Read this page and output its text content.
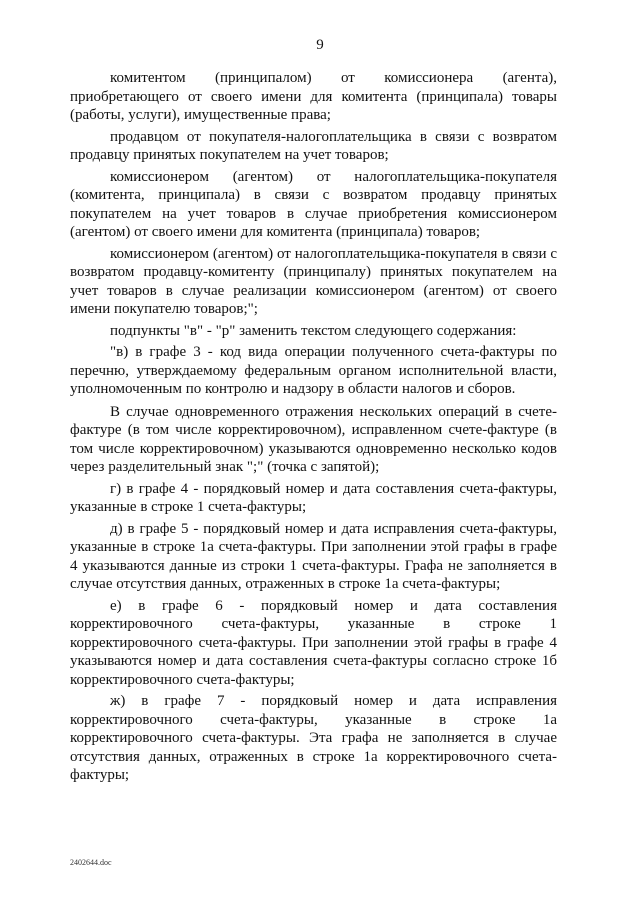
9

комитентом (принципалом) от комиссионера (агента), приобретающего от своего имени для комитента (принципала) товары (работы, услуги), имущественные права;

продавцом от покупателя-налогоплательщика в связи с возвратом продавцу принятых покупателем на учет товаров;

комиссионером (агентом) от налогоплательщика-покупателя (комитента, принципала) в связи с возвратом продавцу принятых покупателем на учет товаров в случае приобретения комиссионером (агентом) от своего имени для комитента (принципала) товаров;

комиссионером (агентом) от налогоплательщика-покупателя в связи с возвратом продавцу-комитенту (принципалу) принятых покупателем на учет товаров в случае реализации комиссионером (агентом) от своего имени покупателю товаров;";

подпункты "в" - "р" заменить текстом следующего содержания:

"в) в графе 3 - код вида операции полученного счета-фактуры по перечню, утверждаемому федеральным органом исполнительной власти, уполномоченным по контролю и надзору в области налогов и сборов.

В случае одновременного отражения нескольких операций в счете-фактуре (в том числе корректировочном), исправленном счете-фактуре (в том числе корректировочном) указываются одновременно несколько кодов через разделительный знак ";" (точка с запятой);

г) в графе 4 - порядковый номер и дата составления счета-фактуры, указанные в строке 1 счета-фактуры;

д) в графе 5 - порядковый номер и дата исправления счета-фактуры, указанные в строке 1а счета-фактуры. При заполнении этой графы в графе 4 указываются данные из строки 1 счета-фактуры. Графа не заполняется в случае отсутствия данных, отраженных в строке 1а счета-фактуры;

е) в графе 6 - порядковый номер и дата составления корректировочного счета-фактуры, указанные в строке 1 корректировочного счета-фактуры. При заполнении этой графы в графе 4 указываются номер и дата составления счета-фактуры согласно строке 1б корректировочного счета-фактуры;

ж) в графе 7 - порядковый номер и дата исправления корректировочного счета-фактуры, указанные в строке 1а корректировочного счета-фактуры. Эта графа не заполняется в случае отсутствия данных, отраженных в строке 1а корректировочного счета-фактуры;

2402644.doc
